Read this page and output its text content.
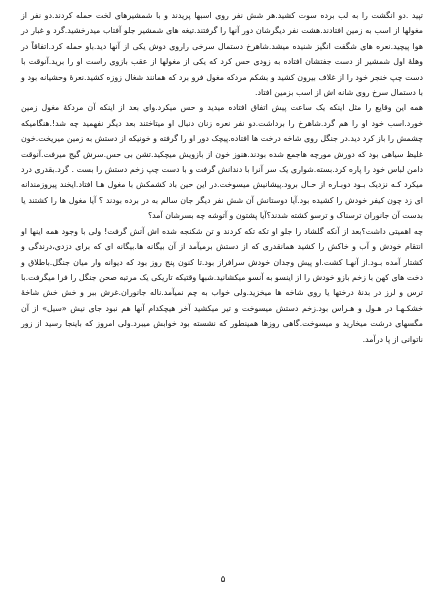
تپید .دو انگشت را به لب برده سوت کشید.هر شش نفر روی اسبها پریدند و با شمشیرهای لخت حمله کردند.دو نفر از مغولها از اسب به زمین افتادند.هشت نفر دیگرشان دور آنها را گرفتند.تیغه های شمشیر جلو آفتاب میدرخشید.گرد و غبار در هوا پیچید.نعره های شگفت انگیز شنیده میشد.شاهرخ دستمال سرخی راروی دوش یکی از آنها دید.باو حمله کرد.اتفاقاً در وهلهٔ اول شمشیر از دست جفتشان افتاده به زودی حس کرد که یکی از مغولها از عقب بازوی راست او را برید.آنوقت با دست چپ خنجر خود را از غلاف بیرون کشید و بشکم مردکه مغول فرو برد که همانند شغال زوزه کشید.نعرهٔ وحشیانه بود و با دستمال سرخ روی شانه اش از اسب بزمین افتاد.

همه این وقایع را مثل اینکه یک ساعت پیش اتفاق افتاده میدید و حس میکرد.وای بعد از اینکه آن مردکهٔ مغول زمین خورد.اسب خود او را هم گرد.شاهرخ را برداشت.دو نفر نعره زنان دنبال او میتاختند بعد دیگر نفهمید چه شد!.هنگامیکه چشمش را باز کرد دید.در جنگل روی شاخه درخت ها افتاده.پیچک دور او را گرفته و خونیکه از دستش به زمین میریخت.خون غلیظ سیاهی بود که دورش مورچه هاجمع شده بودند.هنوز خون از بازویش میچکید.تشن بی حس.سرش گیج میرفت.آنوقت دامن لباس خود را پاره کرد.بسته.شواری یک سر آنرا با دندانش گرفت و با دست چپ زخم دستش را بست . گرد.بقدری درد میکرد کـه نزدیک بـود دوبـاره از حـال برود.پیشانیش میسوخت.در این حین باد کشمکش با مغول هـا افتاد.ایخند پیروزمندانه ای زد چون کیفر خودش را کشیده بود.آیا دوستانش آن شش نفر دیگر جان سالم به در برده بودند ؟ آیا مغول ها را کشتند یا بدست آن جانوران ترسناک و ترسو کشته شدند؟آیا پشتون و آتوشه چه بسرشان آمد؟

چه اهمیتی داشت؟بعد از آنکه گلشاد را جلو او تکه تکه کردند و تن شکنجه شده اش آتش گرفت! ولی با وجود همه اینها او انتقام خودش و آب و خاکش را کشید همانقدری که از دستش برمیآمد از آن بیگانه ها.بیگانه ای که برای دزدی،درندگی و کشتار آمده بـود.از آنهـا کشت.او پیش وجدان خودش سرافراز بود.تا کنون پنج روز بود که دیوانه وار میان جنگل.باطلاق و دخت های کهن با زخم بازو خودش را از اینسو به آنسو میکشانید.شبها وقتیکه تاریکی یک مرتبه صحن جنگل را فرا میگرفت.با ترس و لرز در بدنهٔ درختها یا روی شاخه ها میخزید.ولی خواب به چم نمیآمد.ناله جانوران.غرش ببر و خش خش شاخهٔ خشکـهـا در هـول و هـراس بود.زخم دستش میسوخت و تیر میکشید آخر هیچکدام آنها هم نبود جای نیش «سیل» از آن مگسهای درشت میخارید و میسوخت.گاهی روزها همینطور که نشسته بود خوابش میبرد.ولی امروز که باینجا رسید از زور ناتوانی از پا درآمد.

۵
